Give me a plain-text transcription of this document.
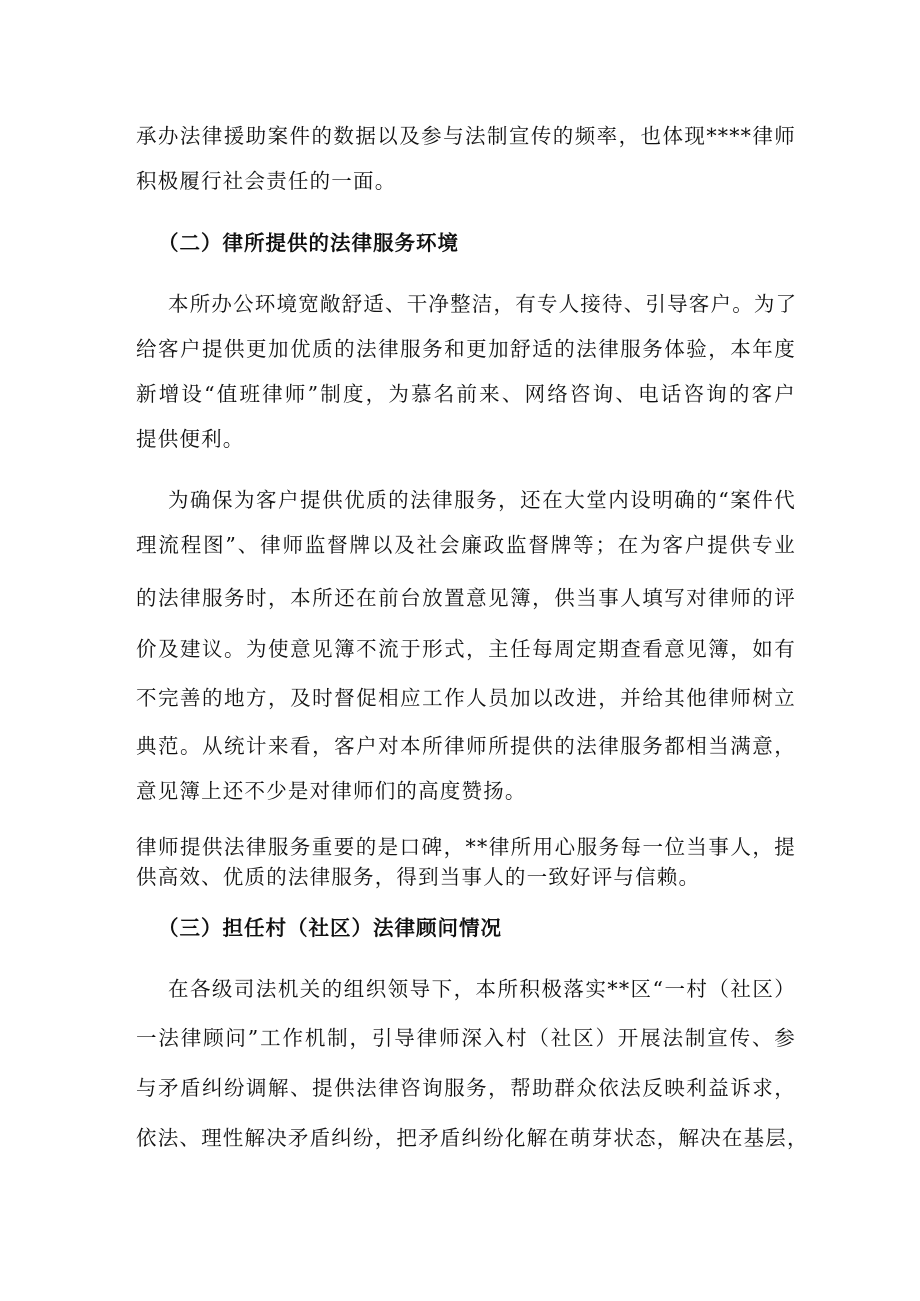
承办法律援助案件的数据以及参与法制宣传的频率，也体现****律师
积极履行社会责任的一面。
（二）律所提供的法律服务环境
本所办公环境宽敞舒适、干净整洁，有专人接待、引导客户。为了
给客户提供更加优质的法律服务和更加舒适的法律服务体验，本年度
新增设“值班律师”制度，为慕名前来、网络咨询、电话咨询的客户
提供便利。
为确保为客户提供优质的法律服务，还在大堂内设明确的“案件代
理流程图”、律师监督牌以及社会廉政监督牌等；在为客户提供专业
的法律服务时，本所还在前台放置意见簿，供当事人填写对律师的评
价及建议。为使意见簿不流于形式，主任每周定期查看意见簿，如有
不完善的地方，及时督促相应工作人员加以改进，并给其他律师树立
典范。从统计来看，客户对本所律师所提供的法律服务都相当满意，
意见簿上还不少是对律师们的高度赞扬。
律师提供法律服务重要的是口碑，**律所用心服务每一位当事人，提
供高效、优质的法律服务，得到当事人的一致好评与信赖。
（三）担任村（社区）法律顾问情况
在各级司法机关的组织领导下，本所积极落实**区“一村（社区）
一法律顾问”工作机制，引导律师深入村（社区）开展法制宣传、参
与矛盾纠纷调解、提供法律咨询服务，帮助群众依法反映利益诉求，
依法、理性解决矛盾纠纷，把矛盾纠纷化解在萌芽状态，解决在基层，
